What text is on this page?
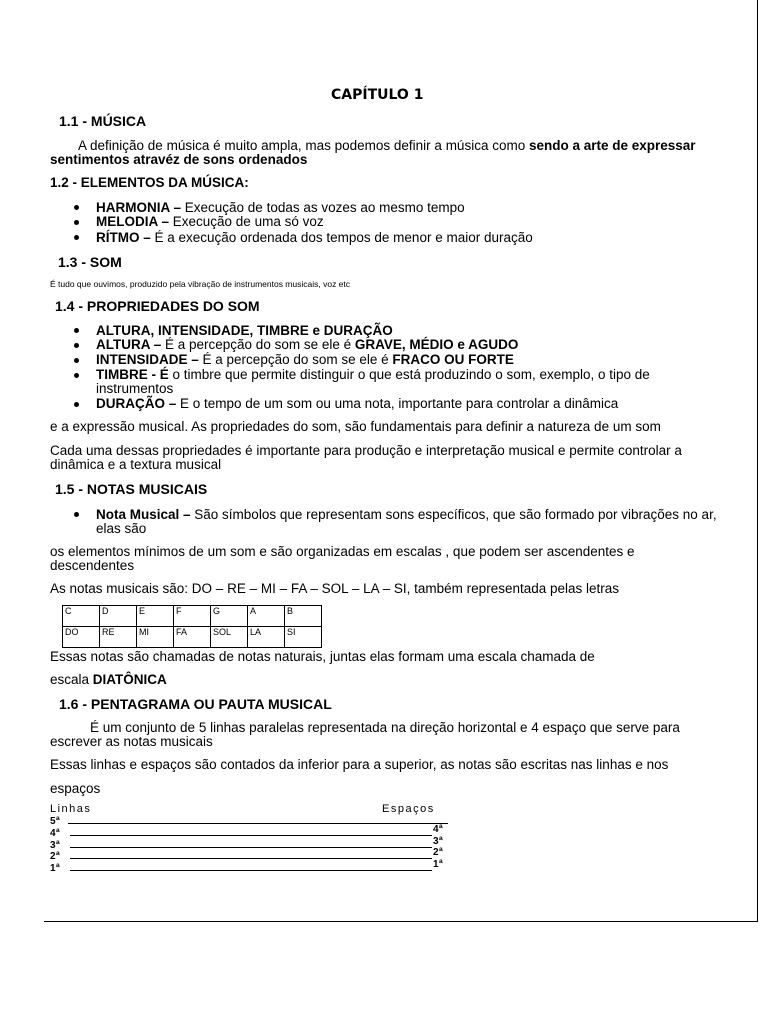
CAPÍTULO 1
1.1 - MÚSICA
A definição de música é muito ampla, mas podemos definir a música como sendo a arte de expressar
sentimentos atravéz de sons ordenados
1.2 - ELEMENTOS DA MÚSICA:
HARMONIA – Execução de todas as vozes ao mesmo tempo
MELODIA – Execução de uma só voz
RÍTMO – É a execução ordenada dos tempos de menor e maior duração
1.3 - SOM
É tudo que ouvimos, produzido pela vibração de instrumentos musicais, voz etc
1.4 - PROPRIEDADES DO SOM
ALTURA, INTENSIDADE, TIMBRE e DURAÇÃO
ALTURA – É a percepção do som se ele é GRAVE, MÉDIO e AGUDO
INTENSIDADE – É a percepção do som se ele é FRACO OU FORTE
TIMBRE - É o timbre que permite distinguir o que está produzindo o som, exemplo, o tipo de
instrumentos
DURAÇÃO – E o tempo de um som ou uma nota, importante para controlar a dinâmica
e a expressão musical. As propriedades do som, são fundamentais para definir a natureza de um som
Cada uma dessas propriedades é importante para produção e interpretação musical e permite controlar a
dinâmica e a textura musical
1.5 - NOTAS MUSICAIS
Nota Musical – São símbolos que representam sons específicos, que são formado por vibrações no ar,
elas são
os elementos mínimos de um som e são organizadas em escalas , que podem ser ascendentes e
descendentes
As notas musicais são: DO – RE – MI – FA – SOL – LA – SI, também representada pelas letras
C	D	E	F	G	A	B
DO	RE	MI	FA	SOL	LA	SI
Essas notas são chamadas de notas naturais, juntas elas formam uma escala chamada de
escala DIATÔNICA
1.6 - PENTAGRAMA OU PAUTA MUSICAL
É um conjunto de 5 linhas paralelas representada na direção horizontal e 4 espaço que serve para
escrever as notas musicais
Essas linhas e espaços são contados da inferior para a superior, as notas são escritas nas linhas e nos
espaços
Linhas	Espaços
5ª
4ª
3ª
2ª
1ª
4ª
3ª
2ª
1ª
